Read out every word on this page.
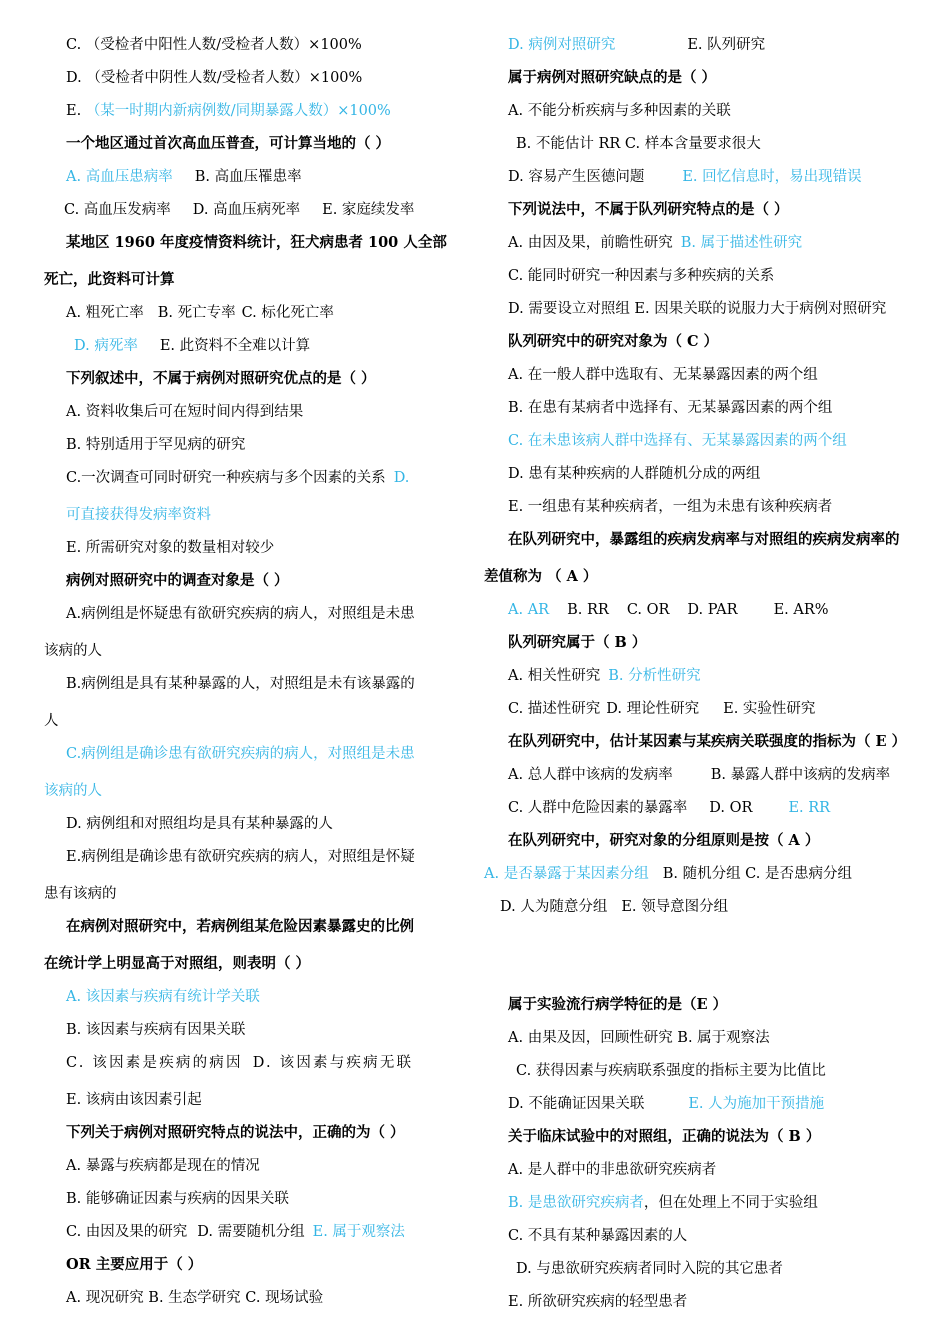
C. （受检者中阳性人数/受检者人数）×100%
D. （受检者中阴性人数/受检者人数）×100%
E. （某一时期内新病例数/同期暴露人数）×100%
一个地区通过首次高血压普查，可计算当地的（ ）
A. 高血压患病率 B. 高血压罹患率
C. 高血压发病率 D. 高血压病死率 E. 家庭续发率
某地区 1960 年度疫情资料统计，狂犬病患者 100 人全部
死亡，此资料可计算
A. 粗死亡率 B. 死亡专率 C. 标化死亡率
D. 病死率 E. 此资料不全难以计算
下列叙述中，不属于病例对照研究优点的是（ ）
A. 资料收集后可在短时间内得到结果
B. 特别适用于罕见病的研究
C.一次调查可同时研究一种疾病与多个因素的关系 D.
可直接获得发病率资料
E. 所需研究对象的数量相对较少
病例对照研究中的调查对象是（ ）
A.病例组是怀疑患有欲研究疾病的病人，对照组是未患
该病的人
B.病例组是具有某种暴露的人，对照组是未有该暴露的
人
C.病例组是确诊患有欲研究疾病的病人，对照组是未患
该病的人
D. 病例组和对照组均是具有某种暴露的人
E.病例组是确诊患有欲研究疾病的病人，对照组是怀疑
患有该病的
在病例对照研究中，若病例组某危险因素暴露史的比例
在统计学上明显高于对照组，则表明（ ）
A. 该因素与疾病有统计学关联
B. 该因素与疾病有因果关联
C. 该因素是疾病的病因 D. 该因素与疾病无联
E. 该病由该因素引起
下列关于病例对照研究特点的说法中，正确的为（ ）
A. 暴露与疾病都是现在的情况
B. 能够确证因素与疾病的因果关联
C. 由因及果的研究 D. 需要随机分组 E. 属于观察法
OR 主要应用于（ ）
A. 现况研究 B. 生态学研究 C. 现场试验
D. 病例对照研究	E. 队列研究
属于病例对照研究缺点的是（ ）
A. 不能分析疾病与多种因素的关联
B. 不能估计 RR C. 样本含量要求很大
D. 容易产生医德问题	E. 回忆信息时，易出现错误
下列说法中，不属于队列研究特点的是（ ）
A. 由因及果，前瞻性研究 B. 属于描述性研究
C. 能同时研究一种因素与多种疾病的关系
D. 需要设立对照组 E. 因果关联的说服力大于病例对照研究
队列研究中的研究对象为（ C ）
A. 在一般人群中选取有、无某暴露因素的两个组
B. 在患有某病者中选择有、无某暴露因素的两个组
C. 在未患该病人群中选择有、无某暴露因素的两个组
D. 患有某种疾病的人群随机分成的两组
E. 一组患有某种疾病者，一组为未患有该种疾病者
在队列研究中，暴露组的疾病发病率与对照组的疾病发病率的
差值称为 （ A ）
A. AR B. RR C. OR D. PAR E. AR%
队列研究属于（ B ）
A. 相关性研究 B. 分析性研究
C. 描述性研究 D. 理论性研究 E. 实验性研究
在队列研究中，估计某因素与某疾病关联强度的指标为（ E ）
A. 总人群中该病的发病率	B. 暴露人群中该病的发病率
C. 人群中危险因素的暴露率 D. OR E. RR
在队列研究中，研究对象的分组原则是按（ A ）
A. 是否暴露于某因素分组 B. 随机分组 C. 是否患病分组
D. 人为随意分组 E. 领导意图分组
属于实验流行病学特征的是（E ）
A. 由果及因，回顾性研究 B. 属于观察法
C. 获得因素与疾病联系强度的指标主要为比值比
D. 不能确证因果关联	E. 人为施加干预措施
关于临床试验中的对照组，正确的说法为（ B ）
A. 是人群中的非患欲研究疾病者
B. 是患欲研究疾病者，但在处理上不同于实验组
C. 不具有某种暴露因素的人
D. 与患欲研究疾病者同时入院的其它患者
E. 所欲研究疾病的轻型患者
